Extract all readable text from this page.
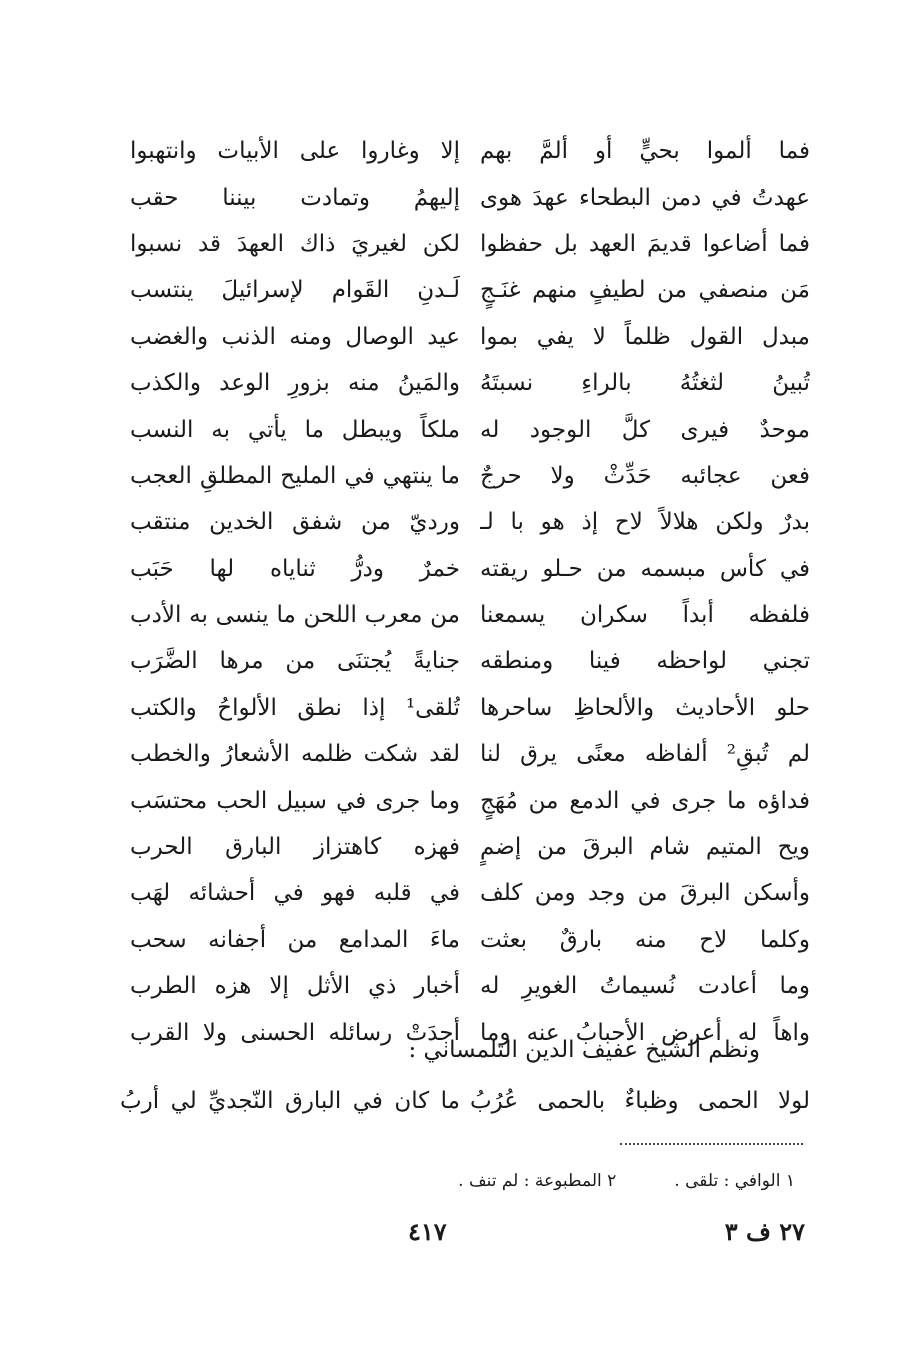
فما ألموا بحيٍّ أو ألمَّ بهم
إلا وغاروا على الأبيات وانتهبوا
عهدتُ في دمن البطحاء عهدَ هوى
إليهمُ وتمادت بيننا حقب
فما أضاعوا قديمَ العهد بل حفظوا
لكن لغيريَ ذاك العهدَ قد نسبوا
مَن منصفي من لطيفٍ منهم غنَـجٍ
لَـدنِ القَوام لإسرائيلَ ينتسب
مبدل القول ظلماً لا يفي بموا
عيد الوصال ومنه الذنب والغضب
تُبينُ لثغتُهُ بالراءِ نسبتَهُ
والمَينُ منه بزورِ الوعد والكذب
موحدٌ فيرى كلَّ الوجود له
ملكاً ويبطل ما يأتي به النسب
فعن عجائبه حَدِّثْ ولا حرجٌ
ما ينتهي في المليح المطلقِ العجب
بدرٌ ولكن هلالاً لاح إذ هو با لـ
ورديّ من شفق الخدين منتقب
في كأس مبسمه من حـلو ريقته
خمرٌ ودرُّ ثناياه لها حَبَب
فلفظه أبداً سكران يسمعنا
من معرب اللحن ما ينسى به الأدب
تجني لواحظه فينا ومنطقه
جنايةً يُجتنَى من مرها الضَّرَب
حلو الأحاديث والألحاظِ ساحرها
تُلقى¹ إذا نطق الألواحُ والكتب
لم تُبقِ² ألفاظه معنًى يرق لنا
لقد شكت ظلمه الأشعارُ والخطب
فداؤه ما جرى في الدمع من مُهَجٍ
وما جرى في سبيل الحب محتسَب
ويح المتيم شام البرقَ من إضمٍ
فهزه كاهتزاز البارق الحرب
وأسكن البرقَ من وجد ومن كلف
في قلبه فهو في أحشائه لهَب
وكلما لاح منه بارقٌ بعثت
ماءَ المدامع من أجفانه سحب
وما أعادت نُسيماتُ الغويرِ له
أخبار ذي الأثل إلا هزه الطرب
واهاً له أعرض الأحبابُ عنه وما
أجدَتْ رسائله الحسنى ولا القرب
ونظم الشيخ عفيف الدين التلمساني :
لولا الحمى وظباءٌ بالحمى عُرُبُ
ما كان في البارق النّجديِّ لي أربُ
١ الوافي : تلقى .
٢ المطبوعة : لم تنف .
٢٧ ف ٣
٤١٧
